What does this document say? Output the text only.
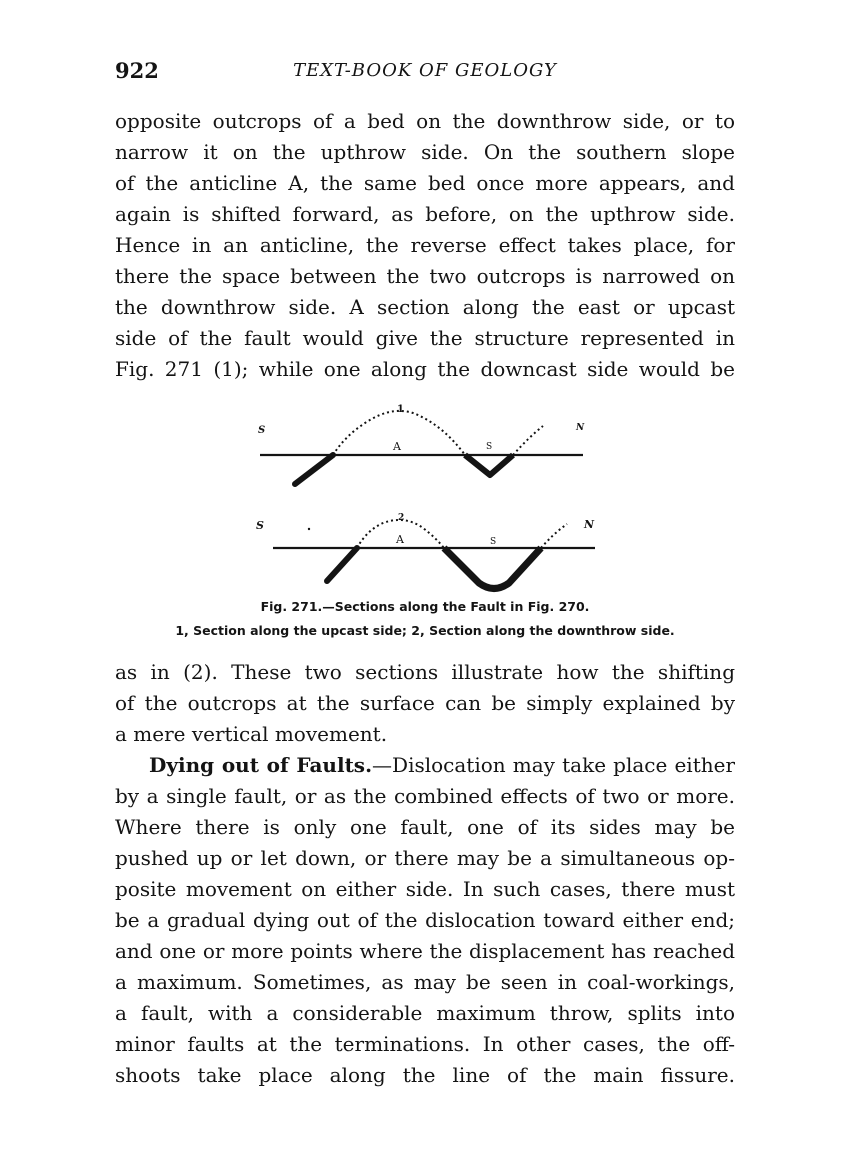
922	TEXT-BOOK OF GEOLOGY

opposite outcrops of a bed on the downthrow side, or to
narrow it on the upthrow side. On the southern slope
of the anticline A, the same bed once more appears, and
again is shifted forward, as before, on the upthrow side.
Hence in an anticline, the reverse effect takes place, for
there the space between the two outcrops is narrowed on
the downthrow side. A section along the east or upcast
side of the fault would give the structure represented in
Fig. 271 (1); while one along the downcast side would be

1
S	N
A	S
2
S	N
A	S
Fig. 271.—Sections along the Fault in Fig. 270.
1, Section along the upcast side; 2, Section along the downthrow side.

as in (2). These two sections illustrate how the shifting
of the outcrops at the surface can be simply explained by
a mere vertical movement.

Dying out of Faults.—Dislocation may take place either
by a single fault, or as the combined effects of two or more.
Where there is only one fault, one of its sides may be
pushed up or let down, or there may be a simultaneous op-
posite movement on either side. In such cases, there must
be a gradual dying out of the dislocation toward either end;
and one or more points where the displacement has reached
a maximum. Sometimes, as may be seen in coal-workings,
a fault, with a considerable maximum throw, splits into
minor faults at the terminations. In other cases, the off-
shoots take place along the line of the main fissure.
